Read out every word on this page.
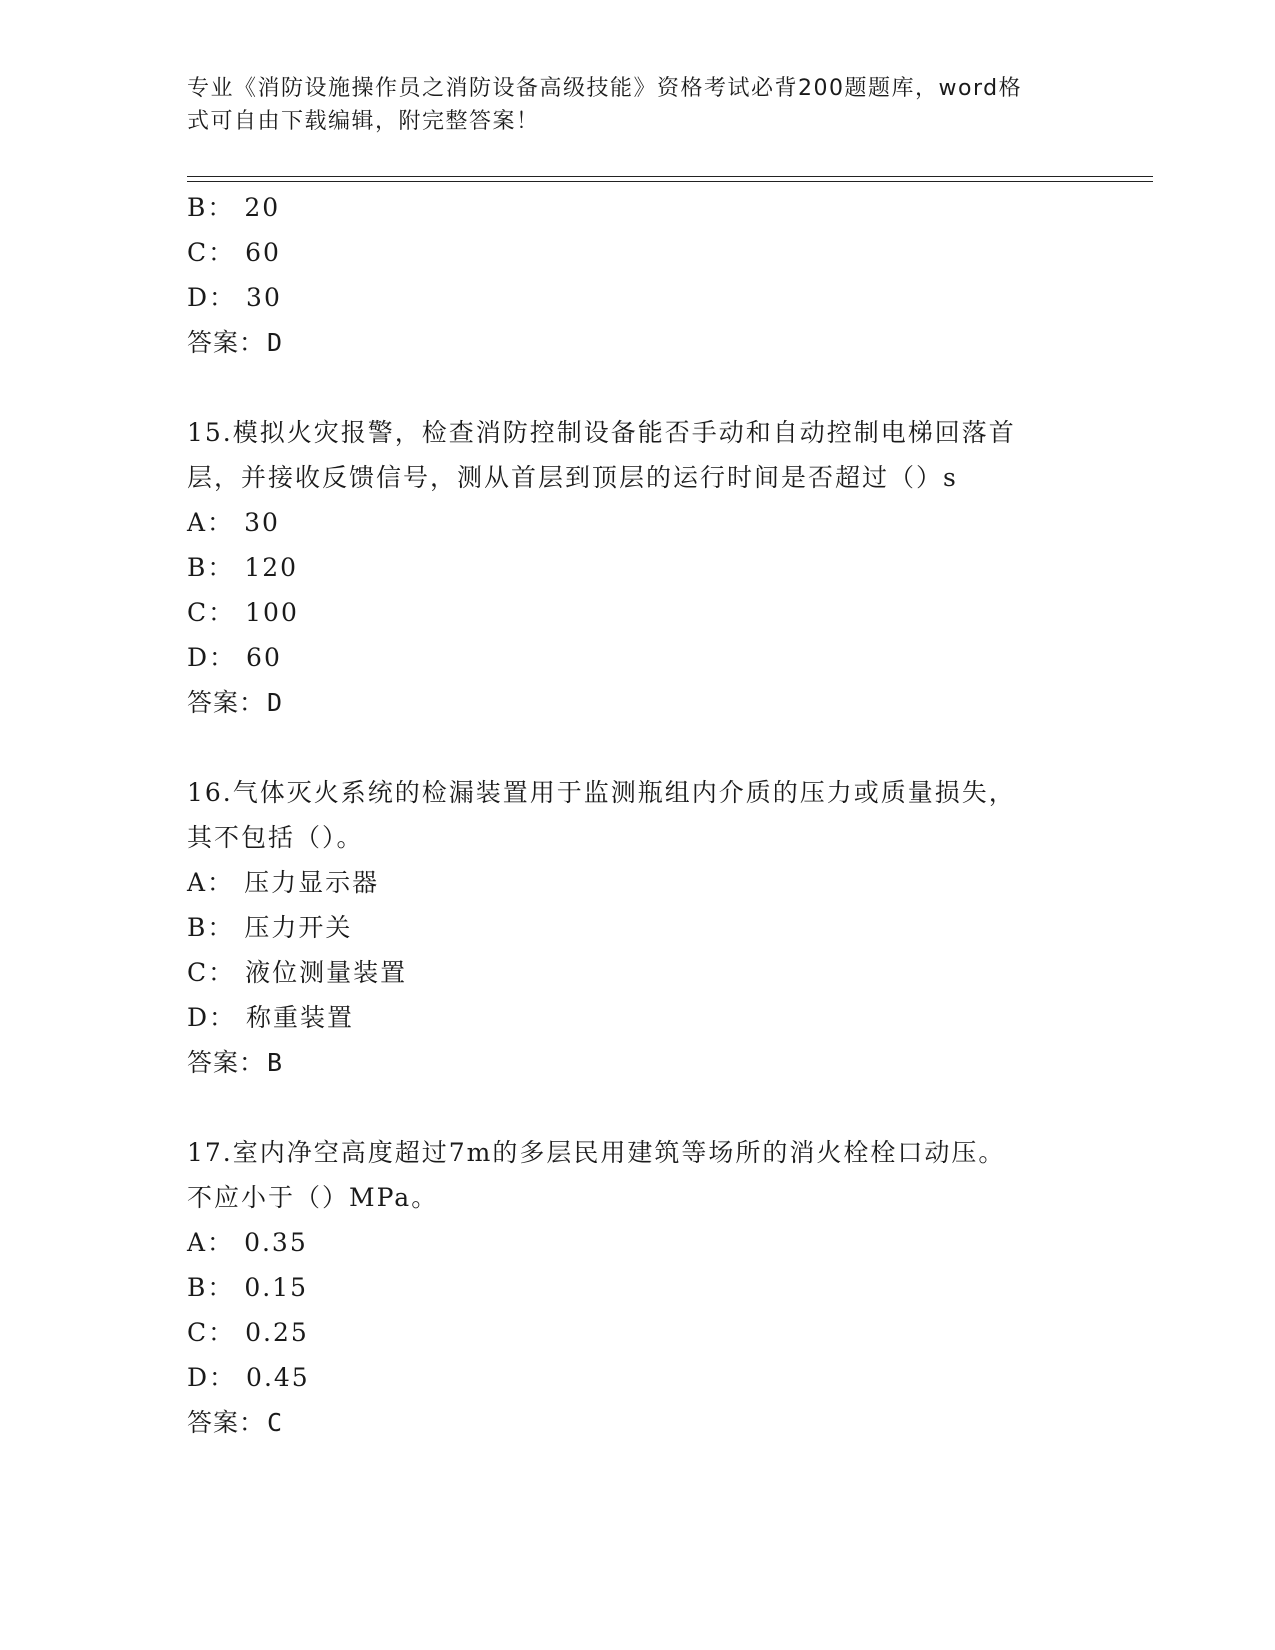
专业《消防设施操作员之消防设备高级技能》资格考试必背200题题库，word格
式可自由下载编辑，附完整答案！
B： 20
C： 60
D： 30
答案：D
15.模拟火灾报警，检查消防控制设备能否手动和自动控制电梯回落首
层，并接收反馈信号，测从首层到顶层的运行时间是否超过（）s
A： 30
B： 120
C： 100
D： 60
答案：D
16.气体灭火系统的检漏装置用于监测瓶组内介质的压力或质量损失，
其不包括（）。
A： 压力显示器
B： 压力开关
C： 液位测量装置
D： 称重装置
答案：B
17.室内净空高度超过7m的多层民用建筑等场所的消火栓栓口动压。
不应小于（）MPa。
A： 0.35
B： 0.15
C： 0.25
D： 0.45
答案：C
